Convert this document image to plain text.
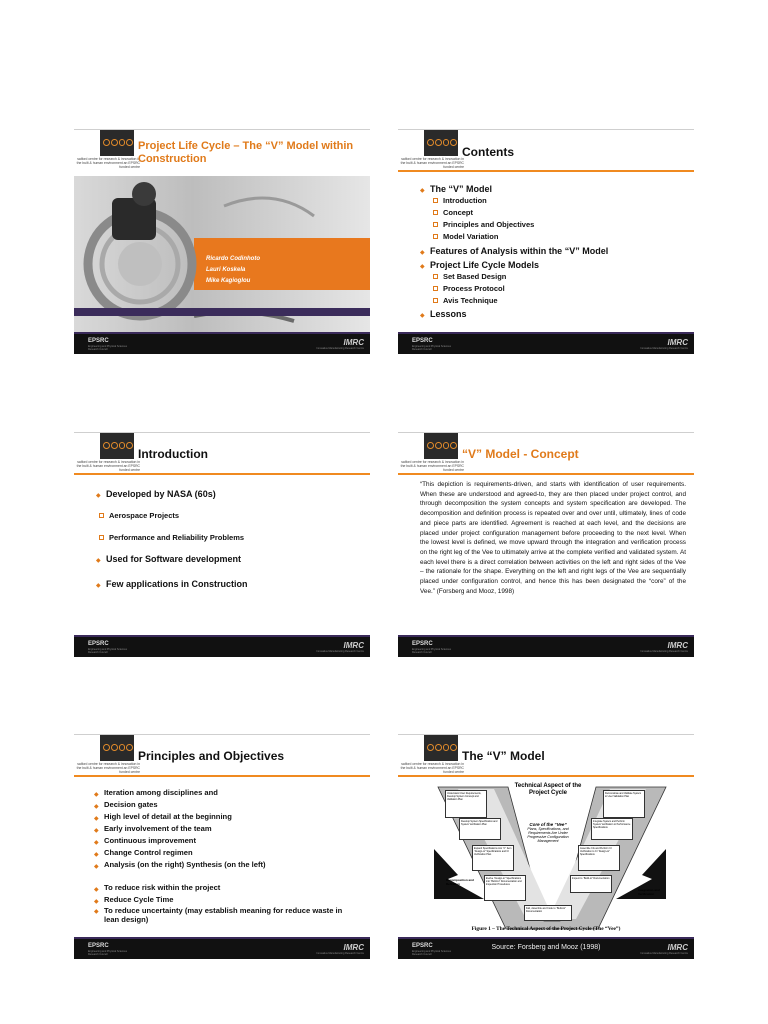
salford centre for research & innovation in the built & human environment an EPSRC funded centre
Project Life Cycle – The “V” Model within Construction
Ricardo Codinhoto
Lauri Koskela
Mike Kagioglou
EPSRC
Engineering and Physical Sciences Research Council
IMRC
Innovative Manufacturing Research Centre
salford centre for research & innovation in the built & human environment an EPSRC funded centre
Contents
◆ The “V” Model
Introduction
Concept
Principles and Objectives
Model Variation
◆ Features of Analysis within the “V” Model
◆ Project Life Cycle Models
Set Based Design
Process Protocol
Avis Technique
◆ Lessons
EPSRC
Engineering and Physical Sciences Research Council
IMRC
Innovative Manufacturing Research Centre
salford centre for research & innovation in the built & human environment an EPSRC funded centre
Introduction
◆ Developed by NASA (60s)
Aerospace Projects
Performance and Reliability Problems
◆ Used for Software development
◆ Few applications in Construction
EPSRC
Engineering and Physical Sciences Research Council
IMRC
Innovative Manufacturing Research Centre
salford centre for research & innovation in the built & human environment an EPSRC funded centre
“V” Model - Concept
“This depiction is requirements-driven, and starts with identification of user requirements. When these are understood and agreed-to, they are then placed under project control, and through decomposition the system concepts and system specification are developed. The decomposition and definition process is repeated over and over until, ultimately, lines of code and piece parts are identified. Agreement is reached at each level, and the decisions are placed under project configuration management before proceeding to the next level. When the lowest level is defined, we move upward through the integration and verification process on the right leg of the Vee to ultimately arrive at the complete verified and validated system. At each level there is a direct correlation between activities on the left and right sides of the Vee – the rationale for the shape. Everything on the left and right legs of the Vee are sequentially placed under configuration control, and hence this has been designated the “core” of the Vee.” (Forsberg and Mooz, 1998)
EPSRC
Engineering and Physical Sciences Research Council
IMRC
Innovative Manufacturing Research Centre
salford centre for research & innovation in the built & human environment an EPSRC funded centre
Principles and Objectives
◆ Iteration among disciplines and
◆ Decision gates
◆ High level of detail at the beginning
◆ Early involvement of the team
◆ Continuous improvement
◆ Change Control regimen
◆ Analysis (on the right) Synthesis (on the left)
◆ To reduce risk within the project
◆ Reduce Cycle Time
◆ To reduce uncertainty (may establish meaning for reduce waste in lean design)
EPSRC
Engineering and Physical Sciences Research Council
IMRC
Innovative Manufacturing Research Centre
salford centre for research & innovation in the built & human environment an EPSRC funded centre
The “V” Model
Technical Aspect of the Project Cycle
Understand User Requirements, Develop System Concept and Validation Plan
Develop System Specification and System Verification Plan
Expand Specifications into “C” Item “Design-to” Specifications and CI Verification Plan
Evolve “Design-to” Specifications into “Build-to” Documentation and Inspection Procedures
Fab, Assemble and Code to “Build-to” Documentation
Demonstrate and Validate System to User Validation Plan
Integrate System and Perform System Verification to Performance Specifications
Assemble CIs and Perform CI Verification to CI “Design-to” Specifications
Inspect to “Build-to” Documentation
Core of the “Vee”
Plans, Specifications, and Requirements Are Under Progressive Configuration Management
Decomposition and Definition
Integration and Verification
Figure 1 – The Technical Aspect of the Project Cycle (The “Vee”)
EPSRC
Engineering and Physical Sciences Research Council
Source: Forsberg and Mooz (1998)	IMRC
Innovative Manufacturing Research Centre
